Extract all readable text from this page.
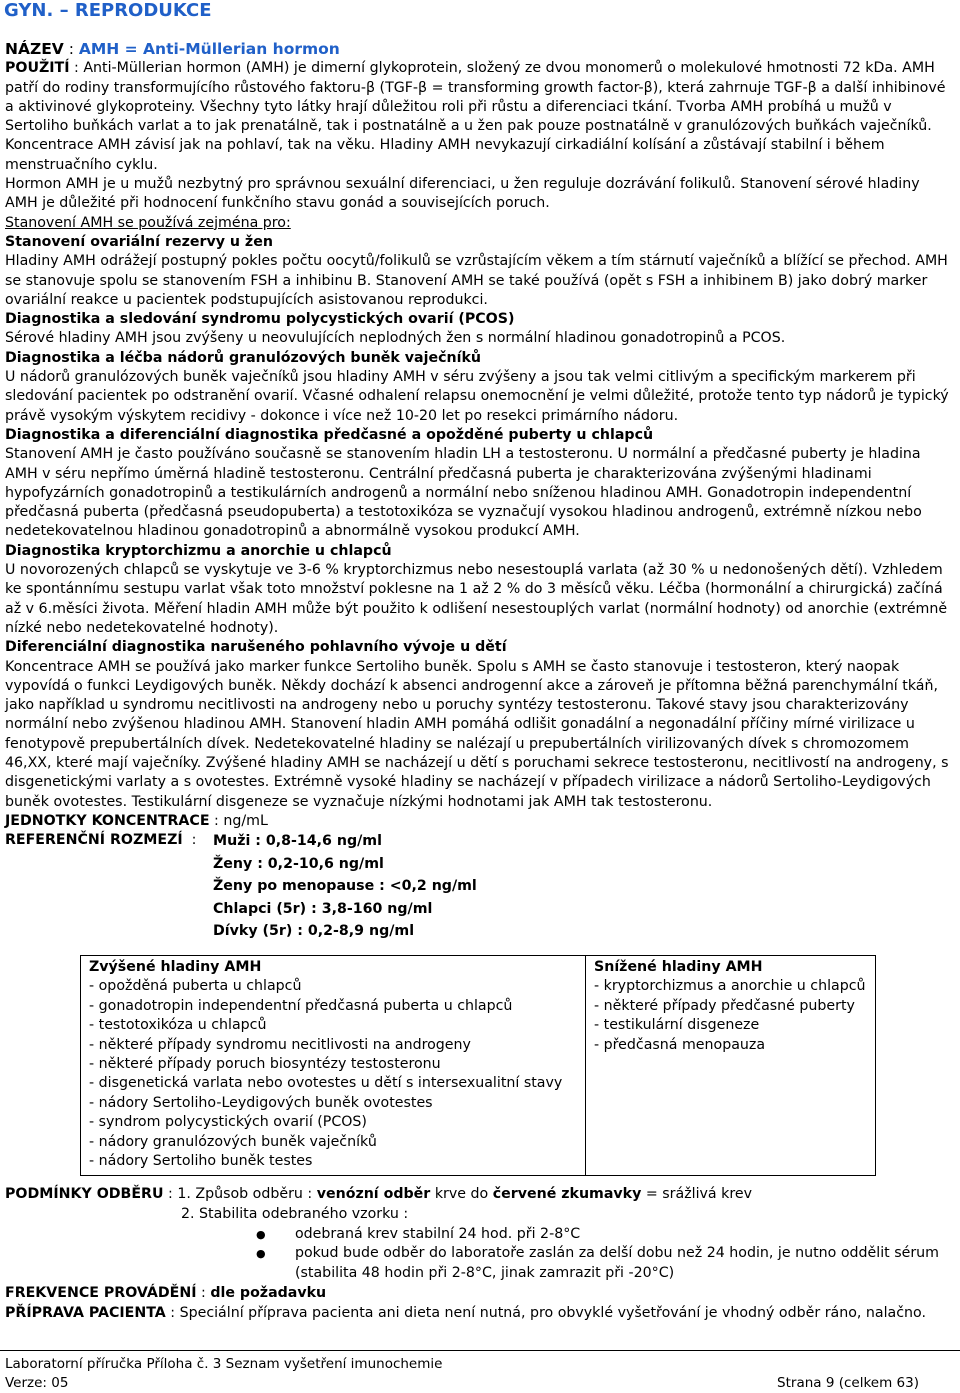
GYN. – REPRODUKCE

NÁZEV : AMH = Anti-Müllerian hormon

POUŽITÍ : Anti-Müllerian hormon (AMH) je dimerní glykoprotein, složený ze dvou monomerů o molekulové hmotnosti 72 kDa. AMH patří do rodiny transformujícího růstového faktoru-β (TGF-β = transforming growth factor-β), která zahrnuje TGF-β a další inhibinové a aktivinové glykoproteiny. Všechny tyto látky hrají důležitou roli při růstu a diferenciaci tkání. Tvorba AMH probíhá u mužů v Sertoliho buňkách varlat a to jak prenatálně, tak i postnatálně a u žen pak pouze postnatálně v granulózových buňkách vaječníků. Koncentrace AMH závisí jak na pohlaví, tak na věku. Hladiny AMH nevykazují cirkadiální kolísání a zůstávají stabilní i během menstruačního cyklu.

Hormon AMH je u mužů nezbytný pro správnou sexuální diferenciaci, u žen reguluje dozrávání folikulů. Stanovení sérové hladiny AMH je důležité při hodnocení funkčního stavu gonád a souvisejících poruch.

Stanovení AMH se používá zejména pro:

Stanovení ovariální rezervy u žen

Hladiny AMH odrážejí postupný pokles počtu oocytů/folikulů se vzrůstajícím věkem a tím stárnutí vaječníků a blížící se přechod. AMH se stanovuje spolu se stanovením FSH a inhibinu B. Stanovení AMH se také používá (opět s FSH a inhibinem B) jako dobrý marker ovariální reakce u pacientek podstupujících asistovanou reprodukci.

Diagnostika a sledování syndromu polycystických ovarií (PCOS)

Sérové hladiny AMH jsou zvýšeny u neovulujících neplodných žen s normální hladinou gonadotropinů a PCOS.

Diagnostika a léčba nádorů granulózových buněk vaječníků

U nádorů granulózových buněk vaječníků jsou hladiny AMH v séru zvýšeny a jsou tak velmi citlivým a specifickým markerem při sledování pacientek po odstranění ovarií. Včasné odhalení relapsu onemocnění je velmi důležité, protože tento typ nádorů je typický právě vysokým výskytem recidivy - dokonce i více než 10-20 let po resekci primárního nádoru.

Diagnostika a diferenciální diagnostika předčasné a opožděné puberty u chlapců

Stanovení AMH je často používáno současně se stanovením hladin LH a testosteronu. U normální a předčasné puberty je hladina AMH v séru nepřímo úměrná hladině testosteronu. Centrální předčasná puberta je charakterizována zvýšenými hladinami hypofyzárních gonadotropinů a testikulárních androgenů a normální nebo sníženou hladinou AMH. Gonadotropin independentní předčasná puberta (předčasná pseudopuberta) a testotoxikóza se vyznačují vysokou hladinou androgenů, extrémně nízkou nebo nedetekovatelnou hladinou gonadotropinů a abnormálně vysokou produkcí AMH.

Diagnostika kryptorchizmu a anorchie u chlapců

U novorozených chlapců se vyskytuje ve 3-6 % kryptorchizmus nebo nesestouplá varlata (až 30 % u nedonošených dětí). Vzhledem ke spontánnímu sestupu varlat však toto množství poklesne na 1 až 2 % do 3 měsíců věku. Léčba (hormonální a chirurgická) začíná až v 6.měsíci života. Měření hladin AMH může být použito k odlišení nesestouplých varlat (normální hodnoty) od anorchie (extrémně nízké nebo nedetekovatelné hodnoty).

Diferenciální diagnostika narušeného pohlavního vývoje u dětí

Koncentrace AMH se používá jako marker funkce Sertoliho buněk. Spolu s AMH se často stanovuje i testosteron, který naopak vypovídá o funkci Leydigových buněk. Někdy dochází k absenci androgenní akce a zároveň je přítomna běžná parenchymální tkáň, jako například u syndromu necitlivosti na androgeny nebo u poruchy syntézy testosteronu. Takové stavy jsou charakterizovány normální nebo zvýšenou hladinou AMH. Stanovení hladin AMH pomáhá odlišit gonadální a negonadální příčiny mírné virilizace u fenotypově prepubertálních dívek. Nedetekovatelné hladiny se nalézají u prepubertálních virilizovaných dívek s chromozomem 46,XX, které mají vaječníky. Zvýšené hladiny AMH se nacházejí u dětí s poruchami sekrece testosteronu, necitlivostí na androgeny, s disgenetickými varlaty a s ovotestes. Extrémně vysoké hladiny se nacházejí v případech virilizace a nádorů Sertoliho-Leydigových buněk ovotestes. Testikulární disgeneze se vyznačuje nízkými hodnotami jak AMH tak testosteronu.

JEDNOTKY KONCENTRACE : ng/mL

REFERENČNÍ ROZMEZÍ  :	Muži : 0,8-14,6 ng/ml
Ženy : 0,2-10,6 ng/ml
Ženy po menopause : <0,2 ng/ml
Chlapci (5r) : 3,8-160 ng/ml
Dívky (5r) : 0,2-8,9 ng/ml
Zvýšené hladiny AMH
- opožděná puberta u chlapců
- gonadotropin independentní předčasná puberta u chlapců
- testotoxikóza u chlapců
- některé případy syndromu necitlivosti na androgeny
- některé případy poruch biosyntézy testosteronu
- disgenetická varlata nebo ovotestes u dětí s intersexualitní stavy
- nádory Sertoliho-Leydigových buněk ovotestes
- syndrom polycystických ovarií (PCOS)
- nádory granulózových buněk vaječníků
- nádory Sertoliho buněk testes

Snížené hladiny AMH
- kryptorchizmus a anorchie u chlapců
- některé případy předčasné puberty
- testikulární disgeneze
- předčasná menopauza

PODMÍNKY ODBĚRU : 1. Způsob odběru : venózní odběr krve do červené zkumavky = srážlivá krev

2. Stabilita odebraného vzorku :

● odebraná krev stabilní 24 hod. při 2-8°C
● pokud bude odběr do laboratoře zaslán za delší dobu než 24 hodin, je nutno oddělit sérum (stabilita 48 hodin při 2-8°C, jinak zamrazit při -20°C)

FREKVENCE PROVÁDĚNÍ : dle požadavku

PŘÍPRAVA PACIENTA : Speciální příprava pacienta ani dieta není nutná, pro obvyklé vyšetřování je vhodný odběr ráno, nalačno.

Laboratorní příručka Příloha č. 3 Seznam vyšetření imunochemie
Verze: 05	Strana 9 (celkem 63)
